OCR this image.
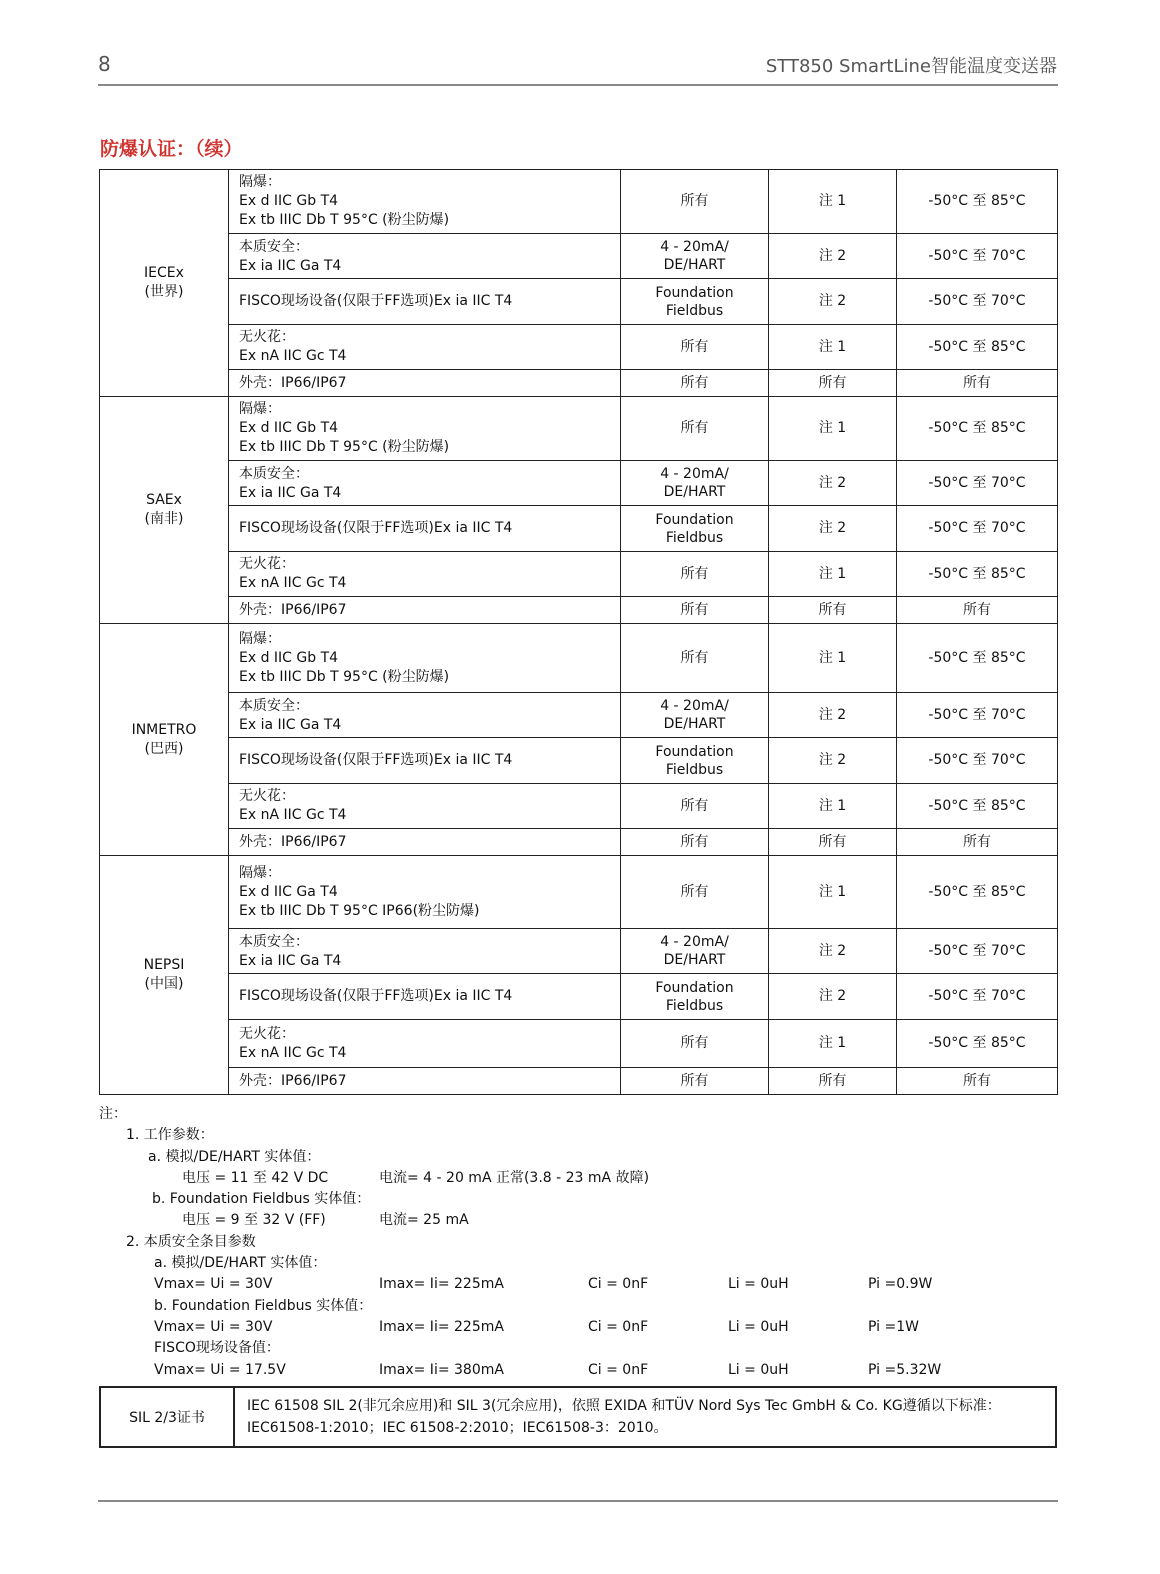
8	STT850 SmartLine智能温度变送器
防爆认证：（续）
IECEx
(世界)	隔爆：
Ex d IIC Gb T4
Ex tb IIIC Db T 95°C (粉尘防爆)	所有	注 1	-50°C 至 85°C

	本质安全：
Ex ia IIC Ga T4	4 - 20mA/
DE/HART	注 2	-50°C 至 70°C
	FISCO现场设备(仅限于FF选项)Ex ia IIC T4	Foundation
Fieldbus	注 2	-50°C 至 70°C

	无火花：
Ex nA IIC Gc T4	所有	注 1	-50°C 至 85°C
	外壳：IP66/IP67	所有	所有	所有

SAEx
(南非)	隔爆：
Ex d IIC Gb T4
Ex tb IIIC Db T 95°C (粉尘防爆)	所有	注 1	-50°C 至 85°C

	本质安全：
Ex ia IIC Ga T4	4 - 20mA/
DE/HART	注 2	-50°C 至 70°C
	FISCO现场设备(仅限于FF选项)Ex ia IIC T4	Foundation
Fieldbus	注 2	-50°C 至 70°C

	无火花：
Ex nA IIC Gc T4	所有	注 1	-50°C 至 85°C
	外壳：IP66/IP67	所有	所有	所有

INMETRO
(巴西)	隔爆：
Ex d IIC Gb T4
Ex tb IIIC Db T 95°C (粉尘防爆)	所有	注 1	-50°C 至 85°C

	本质安全：
Ex ia IIC Ga T4	4 - 20mA/
DE/HART	注 2	-50°C 至 70°C
	FISCO现场设备(仅限于FF选项)Ex ia IIC T4	Foundation
Fieldbus	注 2	-50°C 至 70°C

	无火花：
Ex nA IIC Gc T4	所有	注 1	-50°C 至 85°C
	外壳：IP66/IP67	所有	所有	所有

NEPSI
(中国)	隔爆：
Ex d IIC Ga T4
Ex tb IIIC Db T 95°C IP66(粉尘防爆)	所有	注 1	-50°C 至 85°C

	本质安全：
Ex ia IIC Ga T4	4 - 20mA/
DE/HART	注 2	-50°C 至 70°C
	FISCO现场设备(仅限于FF选项)Ex ia IIC T4	Foundation
Fieldbus	注 2	-50°C 至 70°C

	无火花：
Ex nA IIC Gc T4	所有	注 1	-50°C 至 85°C
	外壳：IP66/IP67	所有	所有	所有
注：
1. 工作参数：
a. 模拟/DE/HART 实体值：
电压 = 11 至 42 V DC	电流= 4 - 20 mA 正常(3.8 - 23 mA 故障)
b. Foundation Fieldbus 实体值：
电压 = 9 至 32 V (FF)	电流= 25 mA
2. 本质安全条目参数
a. 模拟/DE/HART 实体值：
Vmax= Ui = 30V	Imax= Ii= 225mA	Ci = 0nF	Li = 0uH	Pi =0.9W
b. Foundation Fieldbus 实体值：
Vmax= Ui = 30V	Imax= Ii= 225mA	Ci = 0nF	Li = 0uH	Pi =1W
FISCO现场设备值：
Vmax= Ui = 17.5V	Imax= Ii= 380mA	Ci = 0nF	Li = 0uH	Pi =5.32W
SIL 2/3证书	
IEC 61508 SIL 2(非冗余应用)和 SIL 3(冗余应用)，依照 EXIDA 和TÜV Nord Sys Tec GmbH & Co. KG遵循以下标准：
IEC61508-1:2010；IEC 61508-2:2010；IEC61508-3：2010。
